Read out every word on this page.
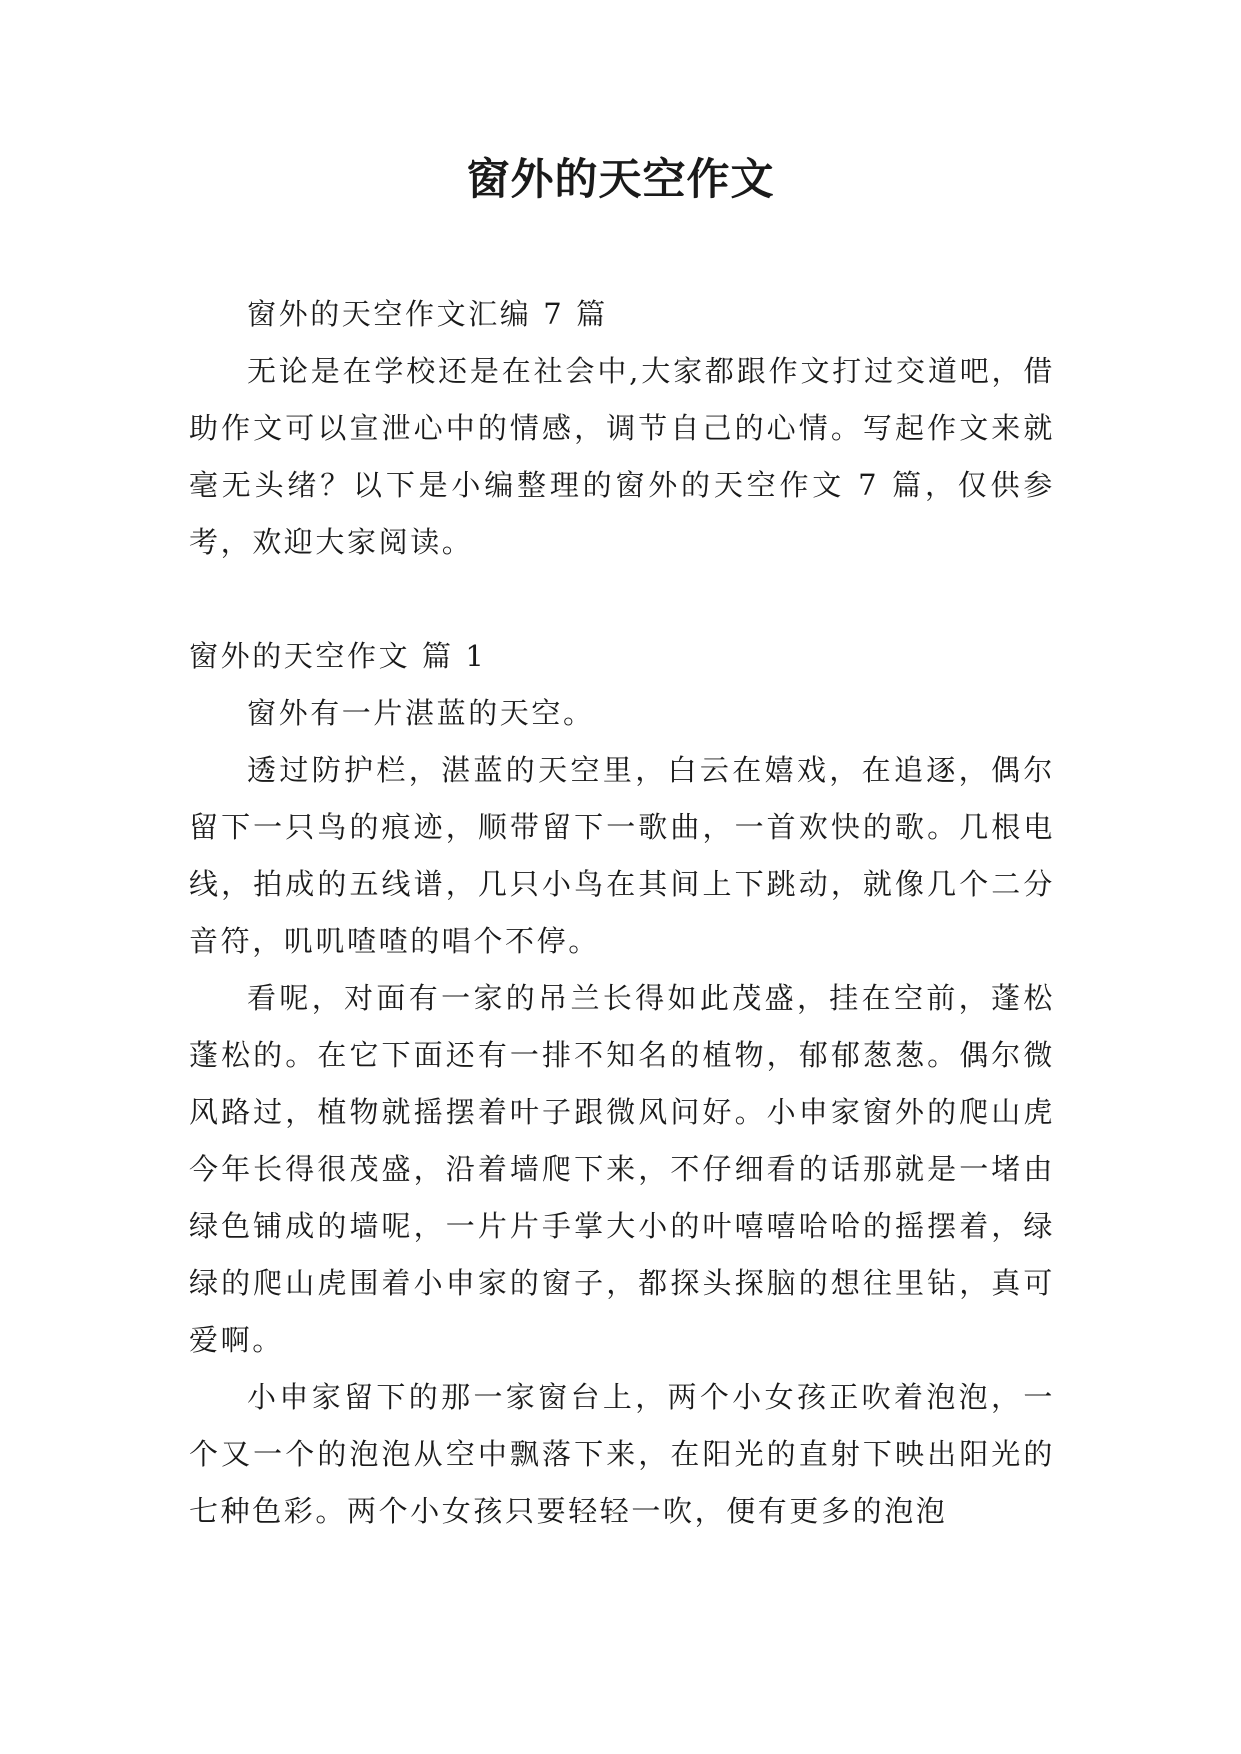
窗外的天空作文

窗外的天空作文汇编 7 篇

无论是在学校还是在社会中,大家都跟作文打过交道吧，借助作文可以宣泄心中的情感，调节自己的心情。写起作文来就毫无头绪？以下是小编整理的窗外的天空作文 7 篇，仅供参考，欢迎大家阅读。

窗外的天空作文 篇 1

窗外有一片湛蓝的天空。

透过防护栏，湛蓝的天空里，白云在嬉戏，在追逐，偶尔留下一只鸟的痕迹，顺带留下一歌曲，一首欢快的歌。几根电线，拍成的五线谱，几只小鸟在其间上下跳动，就像几个二分音符，叽叽喳喳的唱个不停。

看呢，对面有一家的吊兰长得如此茂盛，挂在空前，蓬松蓬松的。在它下面还有一排不知名的植物，郁郁葱葱。偶尔微风路过，植物就摇摆着叶子跟微风问好。小申家窗外的爬山虎今年长得很茂盛，沿着墙爬下来，不仔细看的话那就是一堵由绿色铺成的墙呢，一片片手掌大小的叶嘻嘻哈哈的摇摆着，绿绿的爬山虎围着小申家的窗子，都探头探脑的想往里钻，真可爱啊。

小申家留下的那一家窗台上，两个小女孩正吹着泡泡，一个又一个的泡泡从空中飘落下来，在阳光的直射下映出阳光的七种色彩。两个小女孩只要轻轻一吹，便有更多的泡泡
